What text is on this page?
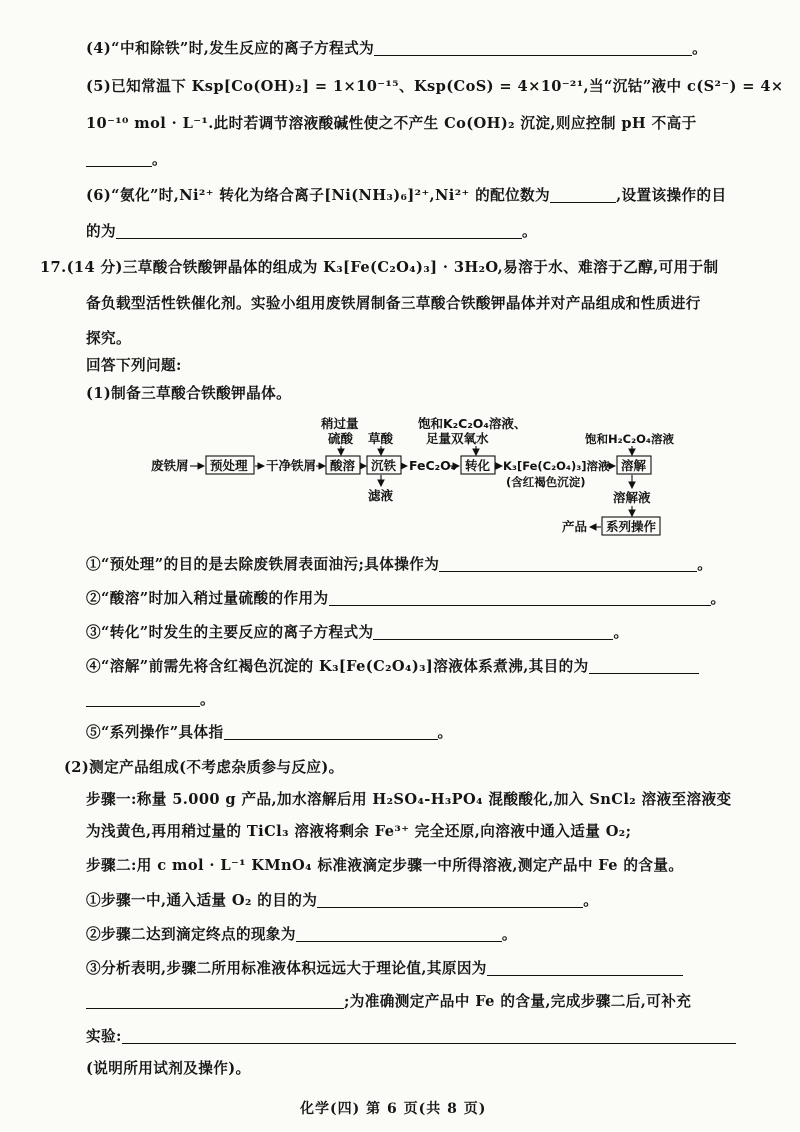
(4)“中和除铁”时,发生反应的离子方程式为	。
(5)已知常温下 Ksp[Co(OH)₂] = 1×10⁻¹⁵、Ksp(CoS) = 4×10⁻²¹,当“沉钴”液中 c(S²⁻) = 4×
10⁻¹⁰ mol · L⁻¹.此时若调节溶液酸碱性使之不产生 Co(OH)₂ 沉淀,则应控制 pH 不高于
。
(6)“氨化”时,Ni²⁺ 转化为络合离子[Ni(NH₃)₆]²⁺,Ni²⁺ 的配位数为	,设置该操作的目
的为	。
17.(14 分)三草酸合铁酸钾晶体的组成为 K₃[Fe(C₂O₄)₃] · 3H₂O,易溶于水、难溶于乙醇,可用于制
备负载型活性铁催化剂。实验小组用废铁屑制备三草酸合铁酸钾晶体并对产品组成和性质进行
探究。
回答下列问题:
(1)制备三草酸合铁酸钾晶体。
废铁屑 预处理 干净铁屑
稍过量
硫酸
酸溶
草酸
沉铁
滤液
FeC₂O₄
饱和K₂C₂O₄溶液、
足量双氧水
转化 K₃[Fe(C₂O₄)₃]溶液
(含红褐色沉淀)
饱和H₂C₂O₄溶液
溶解
溶解液
系列操作
产品
①“预处理”的目的是去除废铁屑表面油污;具体操作为	。
②“酸溶”时加入稍过量硫酸的作用为	。
③“转化”时发生的主要反应的离子方程式为	。
④“溶解”前需先将含红褐色沉淀的 K₃[Fe(C₂O₄)₃]溶液体系煮沸,其目的为
。
⑤“系列操作”具体指	。
(2)测定产品组成(不考虑杂质参与反应)。
步骤一:称量 5.000 g 产品,加水溶解后用 H₂SO₄-H₃PO₄ 混酸酸化,加入 SnCl₂ 溶液至溶液变
为浅黄色,再用稍过量的 TiCl₃ 溶液将剩余 Fe³⁺ 完全还原,向溶液中通入适量 O₂;
步骤二:用 c mol · L⁻¹ KMnO₄ 标准液滴定步骤一中所得溶液,测定产品中 Fe 的含量。
①步骤一中,通入适量 O₂ 的目的为	。
②步骤二达到滴定终点的现象为	。
③分析表明,步骤二所用标准液体积远远大于理论值,其原因为
;为准确测定产品中 Fe 的含量,完成步骤二后,可补充
实验:
(说明所用试剂及操作)。
化学(四) 第 6 页(共 8 页)
